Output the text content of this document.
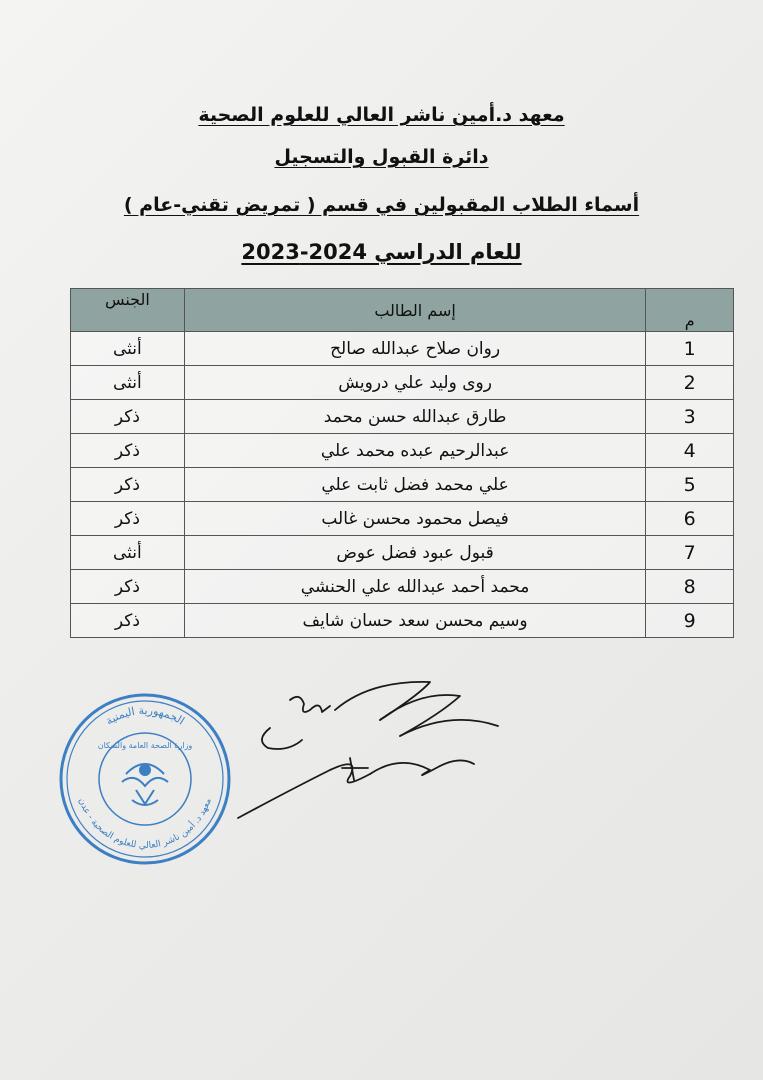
معهد د.أمين ناشر العالي للعلوم الصحية
دائرة القبول والتسجيل
أسماء الطلاب المقبولين في قسم ( تمريض تقني-عام )
للعام الدراسي 2024-2023
م	إسم الطالب	الجنس
1	روان صلاح عبدالله صالح	أنثى
2	روى وليد علي درويش	أنثى
3	طارق عبدالله حسن محمد	ذكر
4	عبدالرحيم عبده محمد علي	ذكر
5	علي محمد فضل ثابت علي	ذكر
6	فيصل محمود محسن غالب	ذكر
7	قبول عبود فضل عوض	أنثى
8	محمد أحمد عبدالله علي الحنشي	ذكر
9	وسيم محسن سعد حسان شايف	ذكر
الجمهورية اليمنية
معهد د. أمين ناشر العالي للعلوم الصحية - عدن
وزارة الصحة العامة والسكان
